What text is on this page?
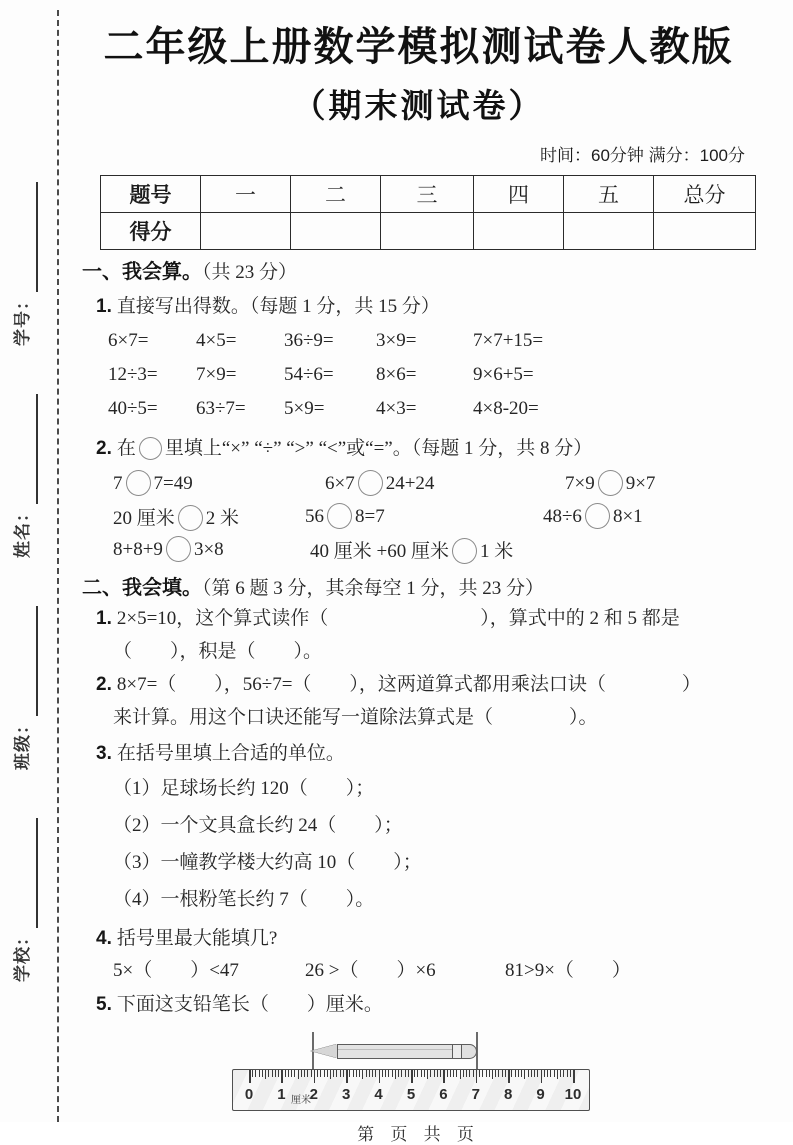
学校：
班级：
姓名：
学号：
二年级上册数学模拟测试卷人教版
（期末测试卷）
时间：60分钟 满分：100分
题号	一	二	三	四	五	总分
得分						
一、我会算。（共 23 分）
1. 直接写出得数。（每题 1 分，共 15 分）
6×7=	4×5=	36÷9=	3×9=	7×7+15=
12÷3=	7×9=	54÷6=	8×6=	9×6+5=
40÷5=	63÷7=	5×9=	4×3=	4×8-20=
2. 在 里填上“×” “÷” “>” “<”或“=”。（每题 1 分，共 8 分）
7 7=49	6×7 24+24	7×9 9×7
20 厘米 2 米	56 8=7	48÷6 8×1
8+8+9 3×8	40 厘米 +60 厘米 1 米
二、我会填。（第 6 题 3 分，其余每空 1 分，共 23 分）
1. 2×5=10，这个算式读作（　　　　　　　　），算式中的 2 和 5 都是
（　　），积是（　　）。
2. 8×7=（　　），56÷7=（　　），这两道算式都用乘法口诀（　　　　）
来计算。用这个口诀还能写一道除法算式是（　　　　）。
3. 在括号里填上合适的单位。
（1）足球场长约 120（　　）；
（2）一个文具盒长约 24（　　）；
（3）一幢教学楼大约高 10（　　）；
（4）一根粉笔长约 7（　　）。
4. 括号里最大能填几?
5×（　　）<47	26 >（　　）×6	81>9×（　　）
5. 下面这支铅笔长（　　）厘米。
0 1 2 3 4 5 6 7 8 9 10
厘米
第 页 共 页
